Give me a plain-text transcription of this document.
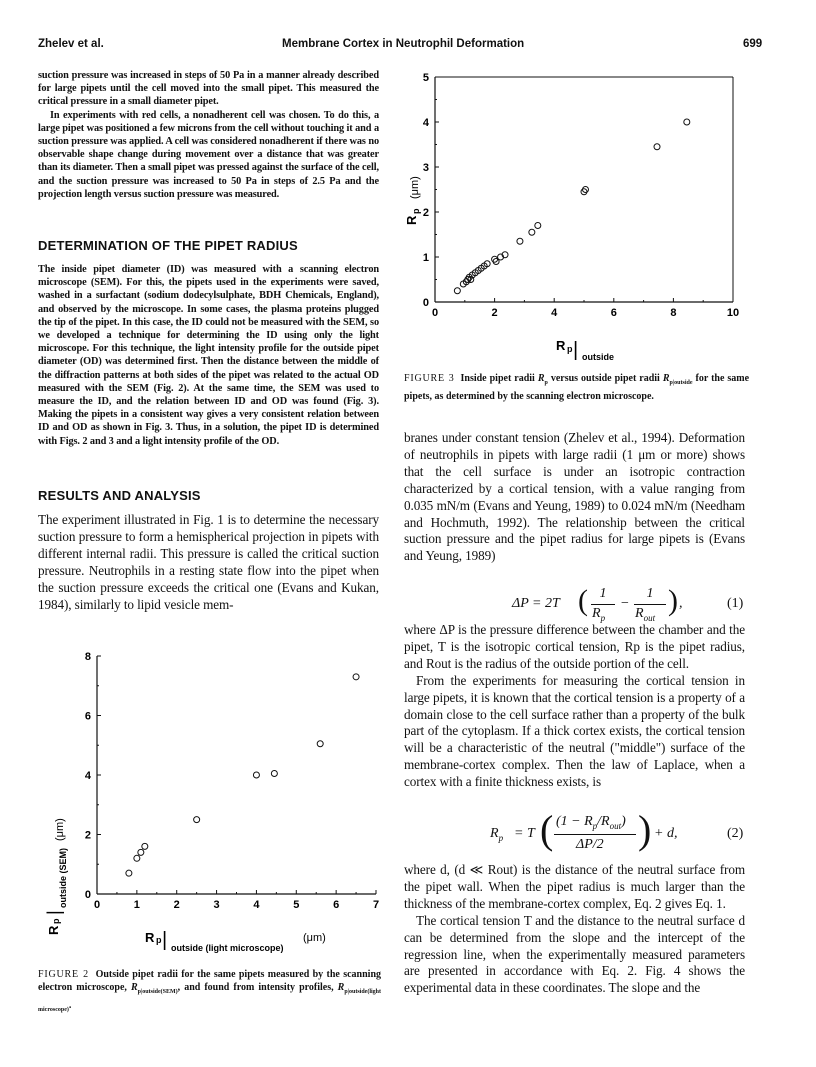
Zhelev et al.	Membrane Cortex in Neutrophil Deformation	699

suction pressure was increased in steps of 50 Pa in a manner already described for large pipets until the cell moved into the small pipet. This measured the critical pressure in a small diameter pipet.

In experiments with red cells, a nonadherent cell was chosen. To do this, a large pipet was positioned a few microns from the cell without touching it and a suction pressure was applied. A cell was considered nonadherent if there was no observable shape change during movement over a distance that was greater than its diameter. Then a small pipet was pressed against the surface of the cell, and the suction pressure was increased to 50 Pa in steps of 2.5 Pa and the projection length versus suction pressure was measured.

DETERMINATION OF THE PIPET RADIUS

The inside pipet diameter (ID) was measured with a scanning electron microscope (SEM). For this, the pipets used in the experiments were saved, washed in a surfactant (sodium dodecylsulphate, BDH Chemicals, England), and observed by the microscope. In some cases, the plasma proteins plugged the tip of the pipet. In this case, the ID could not be measured with the SEM, so we developed a technique for determining the ID using only the light microscope. For this technique, the light intensity profile for the outside pipet diameter (OD) was determined first. Then the distance between the middle of the diffraction patterns at both sides of the pipet was related to the actual OD measured with the SEM (Fig. 2). At the same time, the SEM was used to measure the ID, and the relation between ID and OD was found (Fig. 3). Making the pipets in a consistent way gives a very consistent relation between ID and OD as shown in Fig. 3. Thus, in a solution, the pipet ID is determined with Figs. 2 and 3 and a light intensity profile of the OD.

RESULTS AND ANALYSIS

The experiment illustrated in Fig. 1 is to determine the necessary suction pressure to form a hemispherical projection in pipets with different internal radii. This pressure is called the critical suction pressure. Neutrophils in a resting state flow into the pipet when the suction pressure exceeds the critical one (Evans and Kukan, 1984), similarly to lipid vesicle mem-

0	1	2	3	4	5	6	7
0
2
4
6
8
R
p
|
outside (SEM)
(μm)
R p | outside (light microscope)
(μm)
FIGURE 2 Outside pipet radii for the same pipets measured by the scanning electron microscope, $R_{p|outside(SEM)}$, and found from intensity profiles, $R_{p|outside(light microscope)}$.
0	2	4	6	8	10
0
1
2
3
4
5
R
p
(μm)
R p | outside
FIGURE 3 Inside pipet radii $R_p$ versus outside pipet radii $R_{p|outside}$ for the same pipets, as determined by the scanning electron microscope.

branes under constant tension (Zhelev et al., 1994). Deformation of neutrophils in pipets with large radii (1 μm or more) shows that the cell surface is under an isotropic contraction characterized by a cortical tension, with a value ranging from 0.035 mN/m (Evans and Yeung, 1989) to 0.024 mN/m (Needham and Hochmuth, 1992). The relationship between the critical suction pressure and the pipet radius for large pipets is (Evans and Yeung, 1989)

ΔP = 2T ( 1
$R_p$
−
1
$R_{out}$
) ,	(1)

where ΔP is the pressure difference between the chamber and the pipet, T is the isotropic cortical tension, Rp is the pipet radius, and Rout is the radius of the outside portion of the cell.

From the experiments for measuring the cortical tension in large pipets, it is known that the cortical tension is a property of a domain close to the cell surface rather than a property of the bulk part of the cytoplasm. If a thick cortex exists, the cortical tension will be a characteristic of the neutral ("middle") surface of the membrane-cortex complex. Then the law of Laplace, when a cortex with a finite thickness exists, is

$R_p = T$ ( $(1 - R_p/R_{out})$
ΔP/2 ) + d,	(2)

where d, (d ≪ Rout) is the distance of the neutral surface from the pipet wall. When the pipet radius is much larger than the thickness of the membrane-cortex complex, Eq. 2 gives Eq. 1.

The cortical tension T and the distance to the neutral surface d can be determined from the slope and the intercept of the regression line, when the experimentally measured parameters are presented in accordance with Eq. 2. Fig. 4 shows the experimental data in these coordinates. The slope and the
